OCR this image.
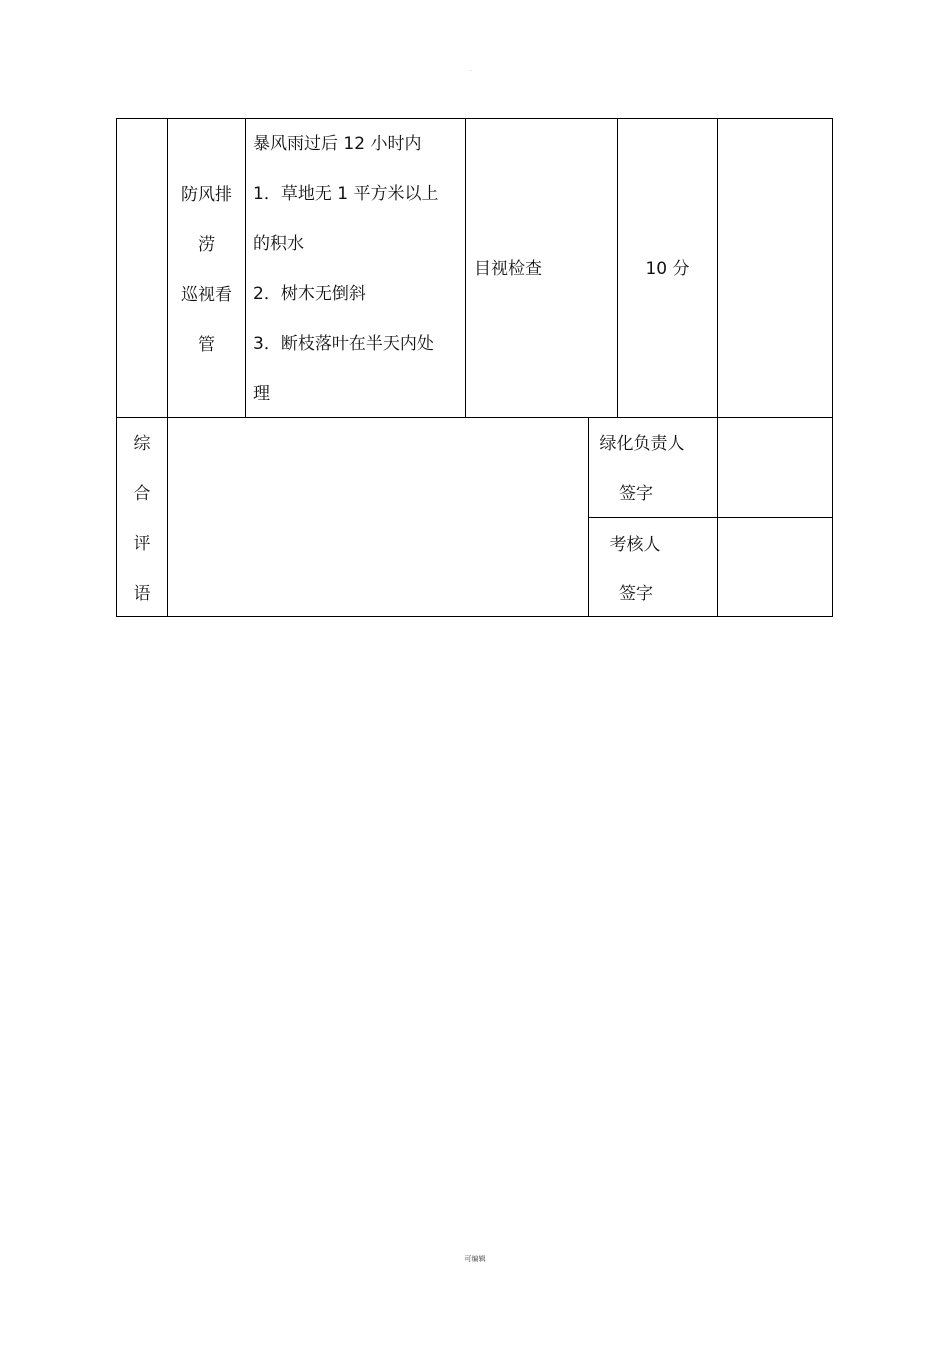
·
防风排
涝
巡视看
管
暴风雨过后 12 小时内
1．草地无 1 平方米以上
的积水
2．树木无倒斜
3．断枝落叶在半天内处
理
目视检查	10 分
综
合
评
语
绿化负责人
签字
考核人
签字
可编辑
